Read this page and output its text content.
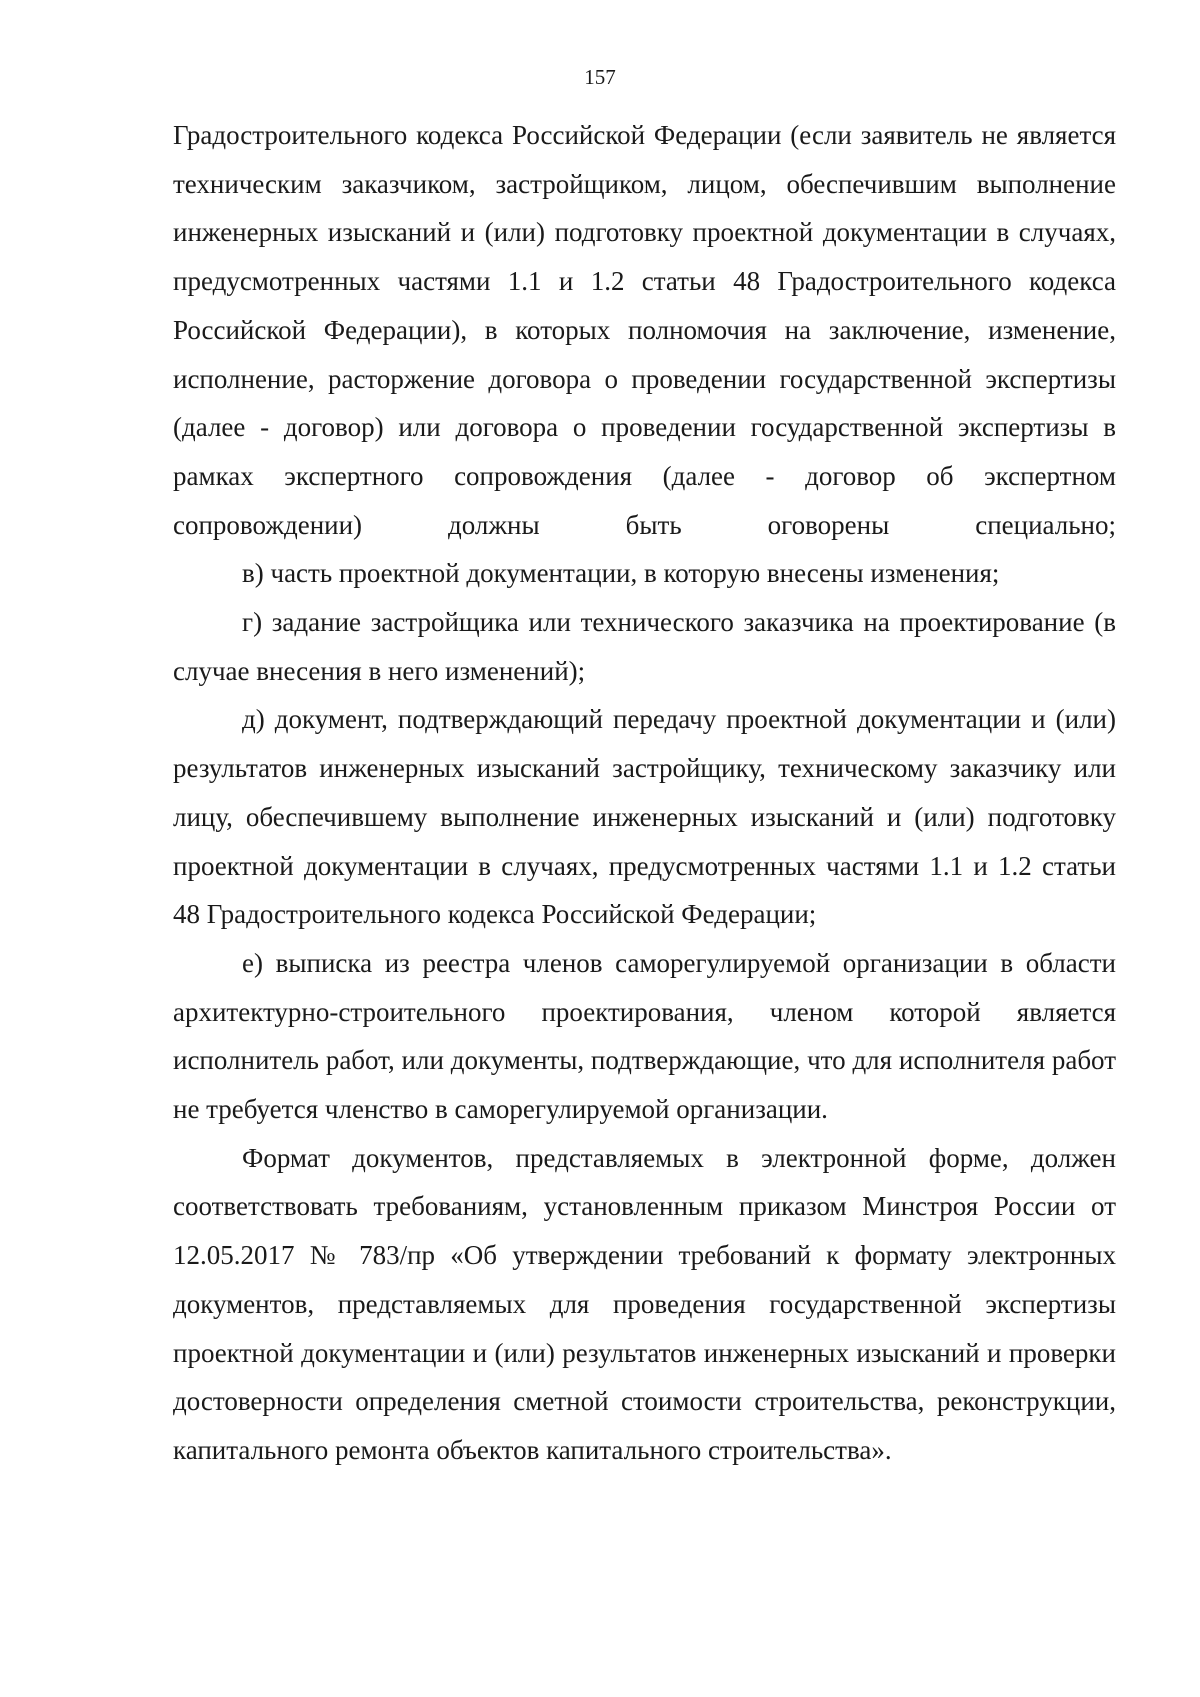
157

Градостроительного кодекса Российской Федерации (если заявитель не является техническим заказчиком, застройщиком, лицом, обеспечившим выполнение инженерных изысканий и (или) подготовку проектной документации в случаях, предусмотренных частями 1.1 и 1.2 статьи 48 Градостроительного кодекса Российской Федерации), в которых полномочия на заключение, изменение, исполнение, расторжение договора о проведении государственной экспертизы (далее - договор) или договора о проведении государственной экспертизы в рамках экспертного сопровождения (далее - договор об экспертном сопровождении) должны быть оговорены специально;

в) часть проектной документации, в которую внесены изменения;

г) задание застройщика или технического заказчика на проектирование (в случае внесения в него изменений);

д) документ, подтверждающий передачу проектной документации и (или) результатов инженерных изысканий застройщику, техническому заказчику или лицу, обеспечившему выполнение инженерных изысканий и (или) подготовку проектной документации в случаях, предусмотренных частями 1.1 и 1.2 статьи 48 Градостроительного кодекса Российской Федерации;

е) выписка из реестра членов саморегулируемой организации в области архитектурно-строительного проектирования, членом которой является исполнитель работ, или документы, подтверждающие, что для исполнителя работ не требуется членство в саморегулируемой организации.

Формат документов, представляемых в электронной форме, должен соответствовать требованиям, установленным приказом Минстроя России от 12.05.2017 № 783/пр «Об утверждении требований к формату электронных документов, представляемых для проведения государственной экспертизы проектной документации и (или) результатов инженерных изысканий и проверки достоверности определения сметной стоимости строительства, реконструкции, капитального ремонта объектов капитального строительства».
